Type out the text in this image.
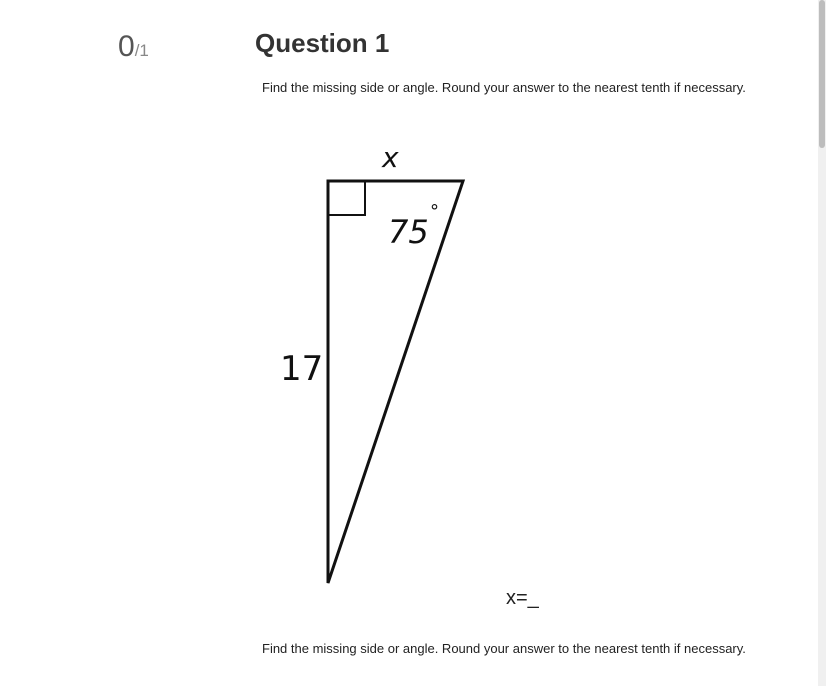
0/1	Question 1
Find the missing side or angle. Round your answer to the nearest tenth if necessary.
x
75
°
17
x=_
Find the missing side or angle. Round your answer to the nearest tenth if necessary.
